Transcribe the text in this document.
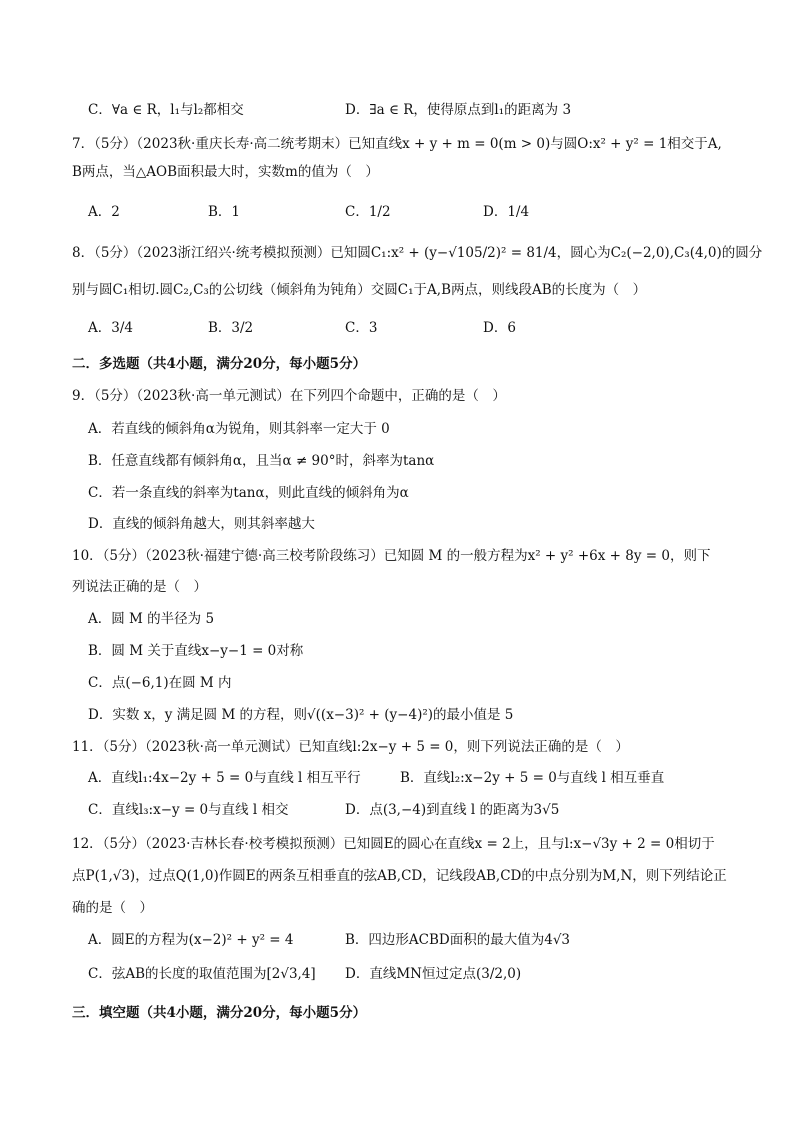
C．∀a ∈ R，l₁与l₂都相交	D．∃a ∈ R，使得原点到l₁的距离为 3
7．（5分）（2023秋·重庆长寿·高二统考期末）已知直线x + y + m = 0(m > 0)与圆O:x² + y² = 1相交于A,
B两点，当△AOB面积最大时，实数m的值为（　）
A．2	B．1	C．1/2	D．1/4
8．（5分）（2023浙江绍兴·统考模拟预测）已知圆C₁:x² + (y−√105/2)² = 81/4，圆心为C₂(−2,0),C₃(4,0)的圆分
别与圆C₁相切.圆C₂,C₃的公切线（倾斜角为钝角）交圆C₁于A,B两点，则线段AB的长度为（　）
A．3/4	B．3/2	C．3	D．6
二．多选题（共4小题，满分20分，每小题5分）
9．（5分）（2023秋·高一单元测试）在下列四个命题中，正确的是（　）
A．若直线的倾斜角α为锐角，则其斜率一定大于 0
B．任意直线都有倾斜角α，且当α ≠ 90°时，斜率为tanα
C．若一条直线的斜率为tanα，则此直线的倾斜角为α
D．直线的倾斜角越大，则其斜率越大
10．（5分）（2023秋·福建宁德·高三校考阶段练习）已知圆 M 的一般方程为x² + y² +6x + 8y = 0，则下
列说法正确的是（　）
A．圆 M 的半径为 5
B．圆 M 关于直线x−y−1 = 0对称
C．点(−6,1)在圆 M 内
D．实数 x，y 满足圆 M 的方程，则√((x−3)² + (y−4)²)的最小值是 5
11．（5分）（2023秋·高一单元测试）已知直线l:2x−y + 5 = 0，则下列说法正确的是（　）
A．直线l₁:4x−2y + 5 = 0与直线 l 相互平行	B．直线l₂:x−2y + 5 = 0与直线 l 相互垂直
C．直线l₃:x−y = 0与直线 l 相交	D．点(3,−4)到直线 l 的距离为3√5
12．（5分）（2023·吉林长春·校考模拟预测）已知圆E的圆心在直线x = 2上，且与l:x−√3y + 2 = 0相切于
点P(1,√3)，过点Q(1,0)作圆E的两条互相垂直的弦AB,CD，记线段AB,CD的中点分别为M,N，则下列结论正
确的是（　）
A．圆E的方程为(x−2)² + y² = 4	B．四边形ACBD面积的最大值为4√3
C．弦AB的长度的取值范围为[2√3,4] D．直线MN恒过定点(3/2,0)
三．填空题（共4小题，满分20分，每小题5分）
